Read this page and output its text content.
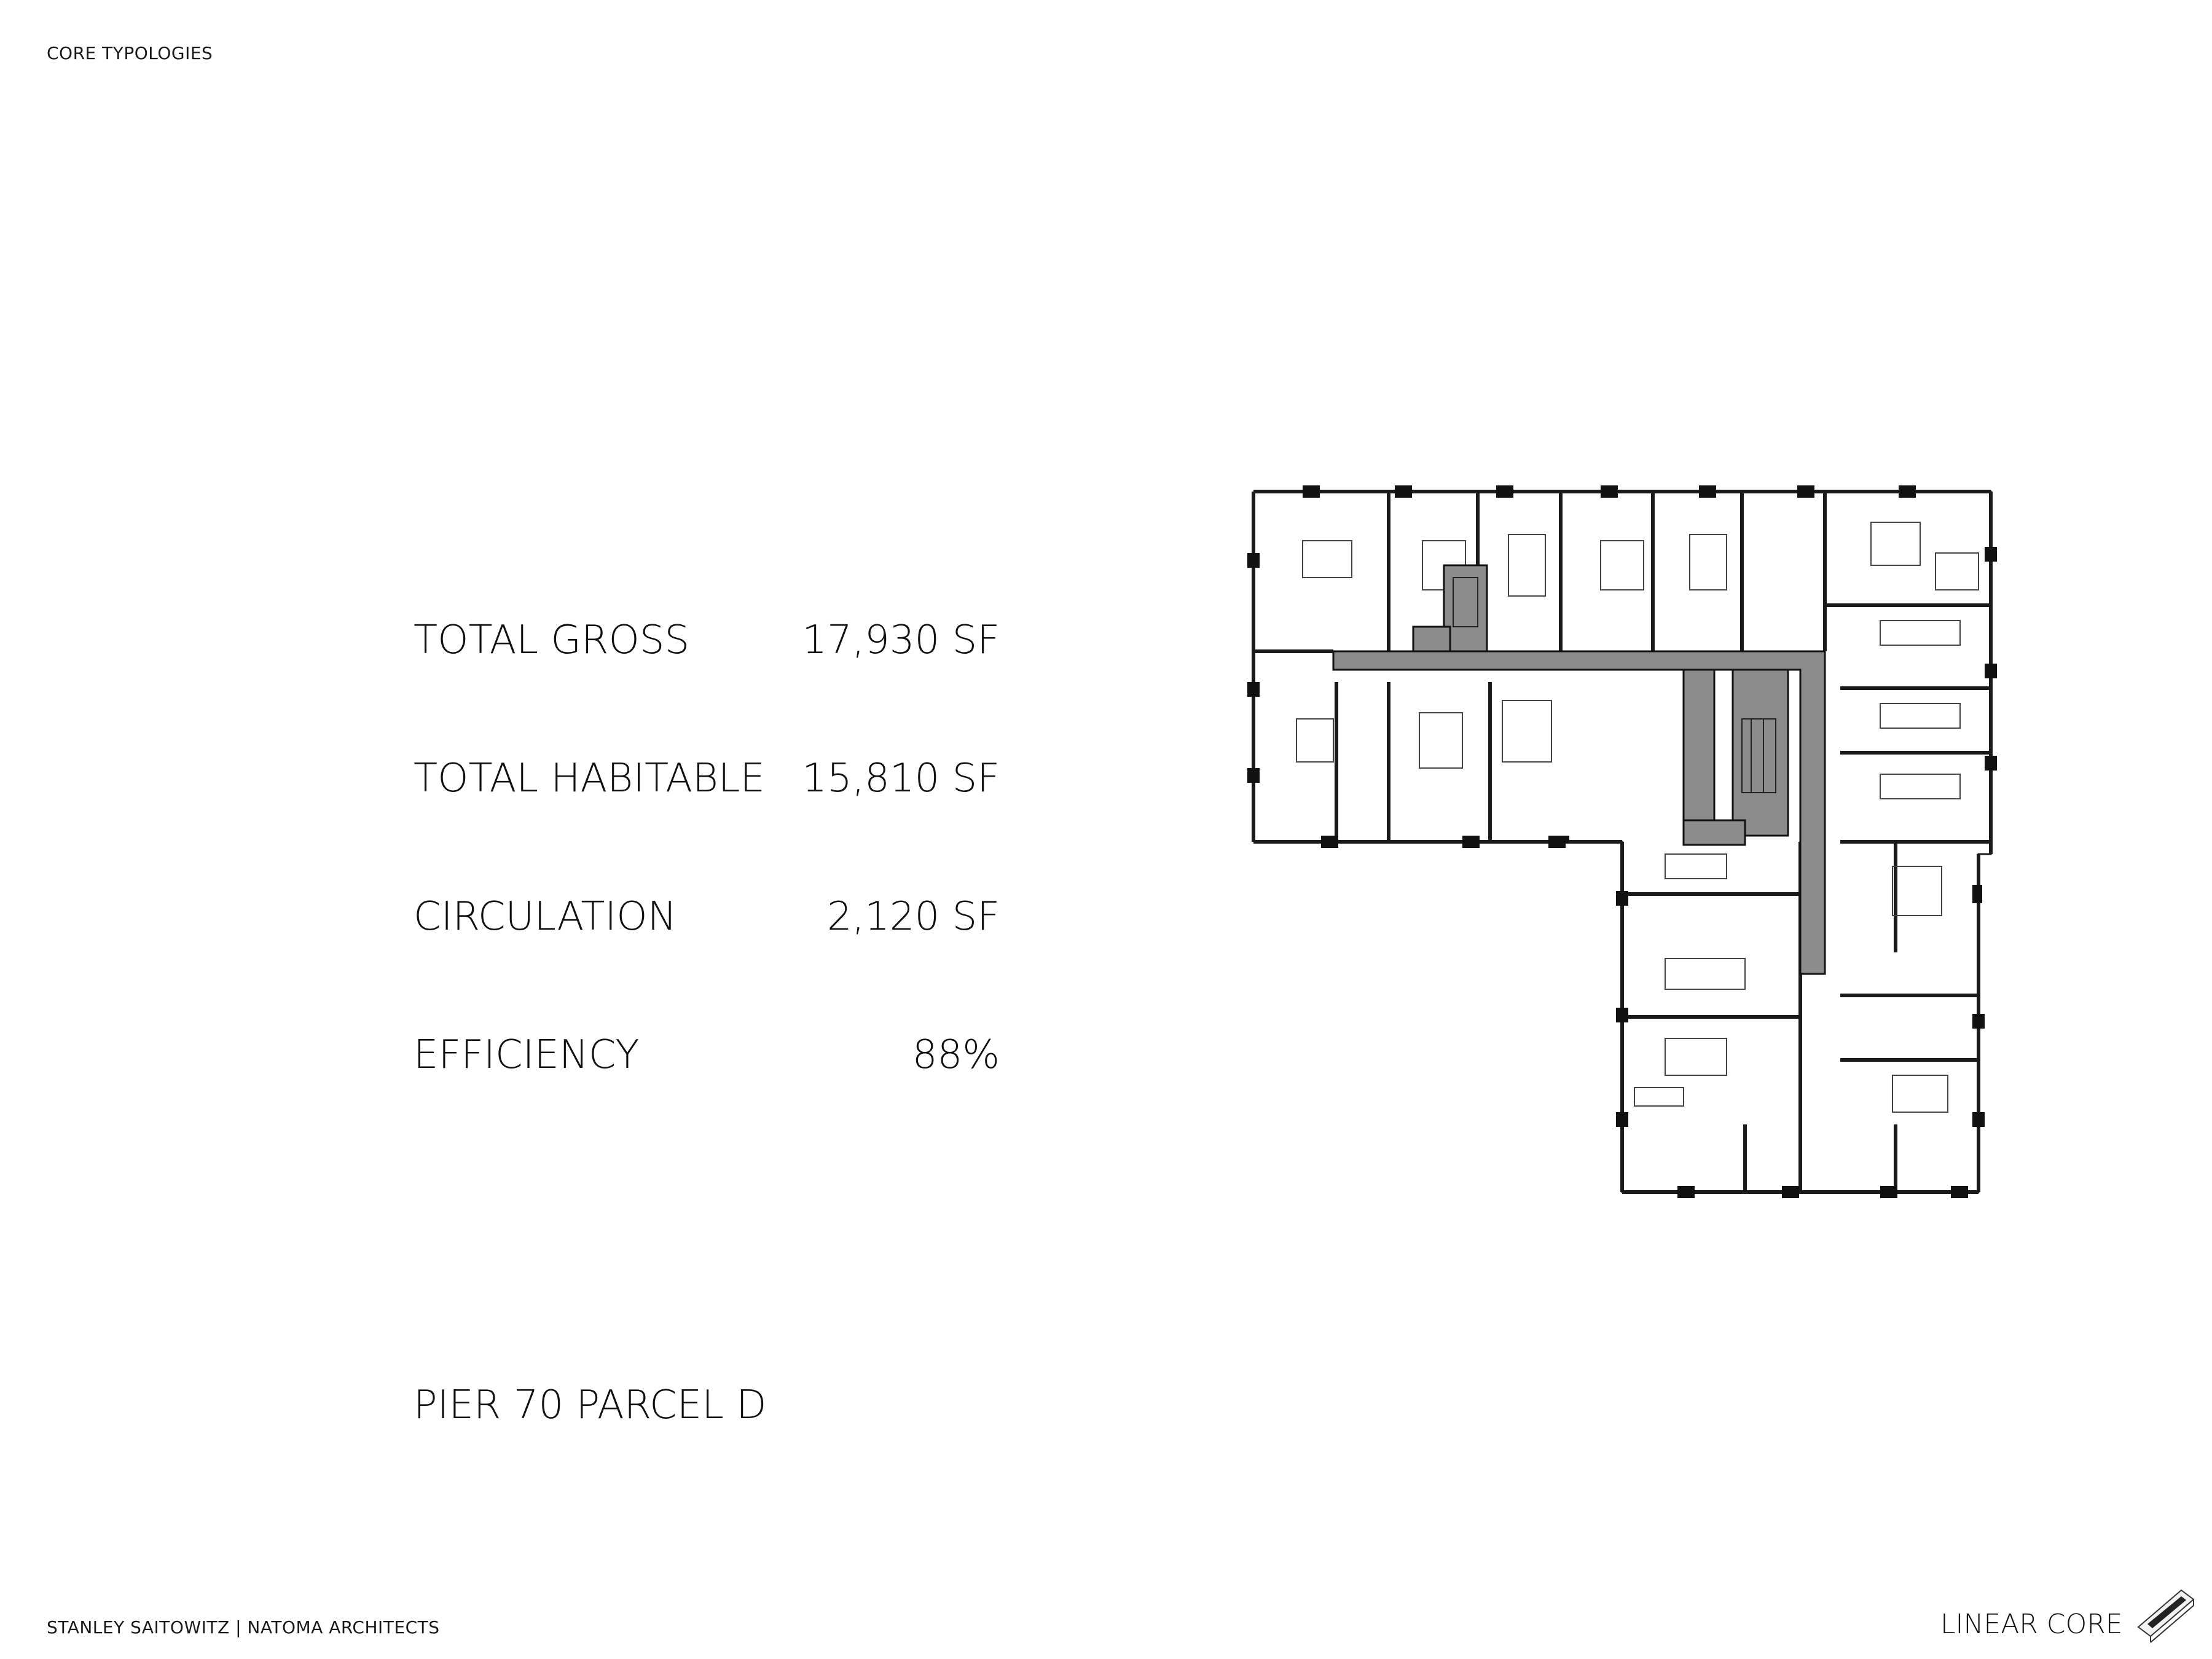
CORE TYPOLOGIES
TOTAL GROSS	17,930 SF
TOTAL HABITABLE 15,810 SF
CIRCULATION	2,120 SF
EFFICIENCY	88%
PIER 70 PARCEL D
STANLEY SAITOWITZ | NATOMA ARCHITECTS	LINEAR CORE
